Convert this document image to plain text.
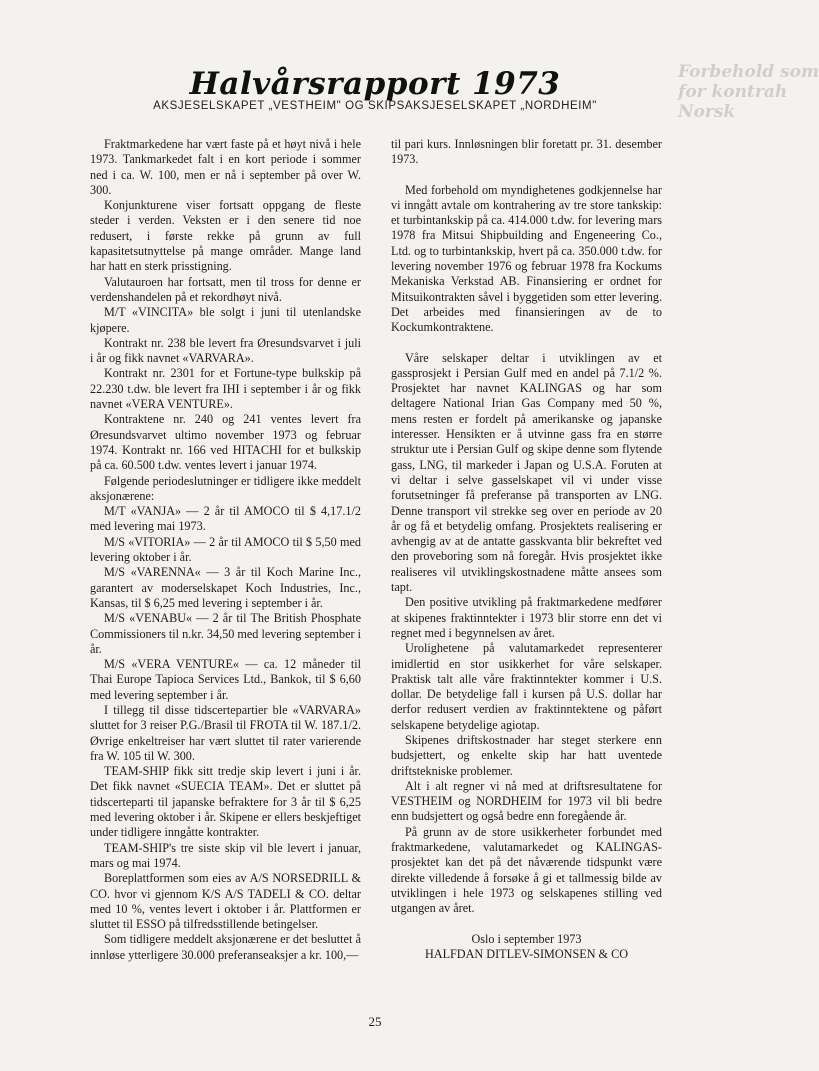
Forbehold som
for kontrah
Norsk
Halvårsrapport 1973
AKSJESELSKAPET „VESTHEIM" OG SKIPSAKSJESELSKAPET „NORDHEIM"

Fraktmarkedene har vært faste på et høyt nivå i hele 1973. Tankmarkedet falt i en kort periode i sommer ned i ca. W. 100, men er nå i september på over W. 300.

Konjunkturene viser fortsatt oppgang de fleste steder i verden. Veksten er i den senere tid noe redusert, i første rekke på grunn av full kapasitetsutnyttelse på mange områder. Mange land har hatt en sterk prisstigning.

Valutauroen har fortsatt, men til tross for denne er verdenshandelen på et rekordhøyt nivå.

M/T «VINCITA» ble solgt i juni til utenlandske kjøpere.

Kontrakt nr. 238 ble levert fra Øresundsvarvet i juli i år og fikk navnet «VARVARA».

Kontrakt nr. 2301 for et Fortune-type bulkskip på 22.230 t.dw. ble levert fra IHI i september i år og fikk navnet «VERA VENTURE».

Kontraktene nr. 240 og 241 ventes levert fra Øresundsvarvet ultimo november 1973 og februar 1974. Kontrakt nr. 166 ved HITACHI for et bulkskip på ca. 60.500 t.dw. ventes levert i januar 1974.

Følgende periodeslutninger er tidligere ikke meddelt aksjonærene:

M/T «VANJA» — 2 år til AMOCO til $ 4,17.1/2 med levering mai 1973.

M/S «VITORIA» — 2 år til AMOCO til $ 5,50 med levering oktober i år.

M/S «VARENNA« — 3 år til Koch Marine Inc., garantert av moderselskapet Koch Industries, Inc., Kansas, til $ 6,25 med levering i september i år.

M/S «VENABU« — 2 år til The British Phosphate Commissioners til n.kr. 34,50 med levering september i år.

M/S «VERA VENTURE« — ca. 12 måneder til Thai Europe Tapioca Services Ltd., Bankok, til $ 6,60 med levering september i år.

I tillegg til disse tidscertepartier ble «VARVARA» sluttet for 3 reiser P.G./Brasil til FROTA til W. 187.1/2. Øvrige enkeltreiser har vært sluttet til rater varierende fra W. 105 til W. 300.

TEAM-SHIP fikk sitt tredje skip levert i juni i år. Det fikk navnet «SUECIA TEAM». Det er sluttet på tidscerteparti til japanske befraktere for 3 år til $ 6,25 med levering oktober i år. Skipene er ellers beskjeftiget under tidligere inngåtte kontrakter.

TEAM-SHIP's tre siste skip vil ble levert i januar, mars og mai 1974.

Boreplattformen som eies av A/S NORSEDRILL & CO. hvor vi gjennom K/S A/S TADELI & CO. deltar med 10 %, ventes levert i oktober i år. Plattformen er sluttet til ESSO på tilfredsstillende betingelser.

Som tidligere meddelt aksjonærene er det besluttet å innløse ytterligere 30.000 preferanseaksjer a kr. 100,—

til pari kurs. Innløsningen blir foretatt pr. 31. desember 1973.

Med forbehold om myndighetenes godkjennelse har vi inngått avtale om kontrahering av tre store tankskip: et turbintankskip på ca. 414.000 t.dw. for levering mars 1978 fra Mitsui Shipbuilding and Engeneering Co., Ltd. og to turbintankskip, hvert på ca. 350.000 t.dw. for levering november 1976 og februar 1978 fra Kockums Mekaniska Verkstad AB. Finansiering er ordnet for Mitsuikontrakten såvel i byggetiden som etter levering. Det arbeides med finansieringen av de to Kockumkontraktene.

Våre selskaper deltar i utviklingen av et gassprosjekt i Persian Gulf med en andel på 7.1/2 %. Prosjektet har navnet KALINGAS og har som deltagere National Irian Gas Company med 50 %, mens resten er fordelt på amerikanske og japanske interesser. Hensikten er å utvinne gass fra en større struktur ute i Persian Gulf og skipe denne som flytende gass, LNG, til markeder i Japan og U.S.A. Foruten at vi deltar i selve gasselskapet vil vi under visse forutsetninger få preferanse på transporten av LNG. Denne transport vil strekke seg over en periode av 20 år og få et betydelig omfang. Prosjektets realisering er avhengig av at de antatte gasskvanta blir bekreftet ved den proveboring som nå foregår. Hvis prosjektet ikke realiseres vil utviklingskostnadene måtte ansees som tapt.

Den positive utvikling på fraktmarkedene medfører at skipenes fraktinntekter i 1973 blir storre enn det vi regnet med i begynnelsen av året.

Urolighetene på valutamarkedet representerer imidlertid en stor usikkerhet for våre selskaper. Praktisk talt alle våre fraktinntekter kommer i U.S. dollar. De betydelige fall i kursen på U.S. dollar har derfor redusert verdien av fraktinntektene og påført selskapene betydelige agiotap.

Skipenes driftskostnader har steget sterkere enn budsjettert, og enkelte skip har hatt uventede driftstekniske problemer.

Alt i alt regner vi nå med at driftsresultatene for VESTHEIM og NORDHEIM for 1973 vil bli bedre enn budsjettert og også bedre enn foregående år.

På grunn av de store usikkerheter forbundet med fraktmarkedene, valutamarkedet og KALINGAS-prosjektet kan det på det nåværende tidspunkt være direkte villedende å forsøke å gi et tallmessig bilde av utviklingen i hele 1973 og selskapenes stilling ved utgangen av året.

Oslo i september 1973

HALFDAN DITLEV-SIMONSEN & CO

25
